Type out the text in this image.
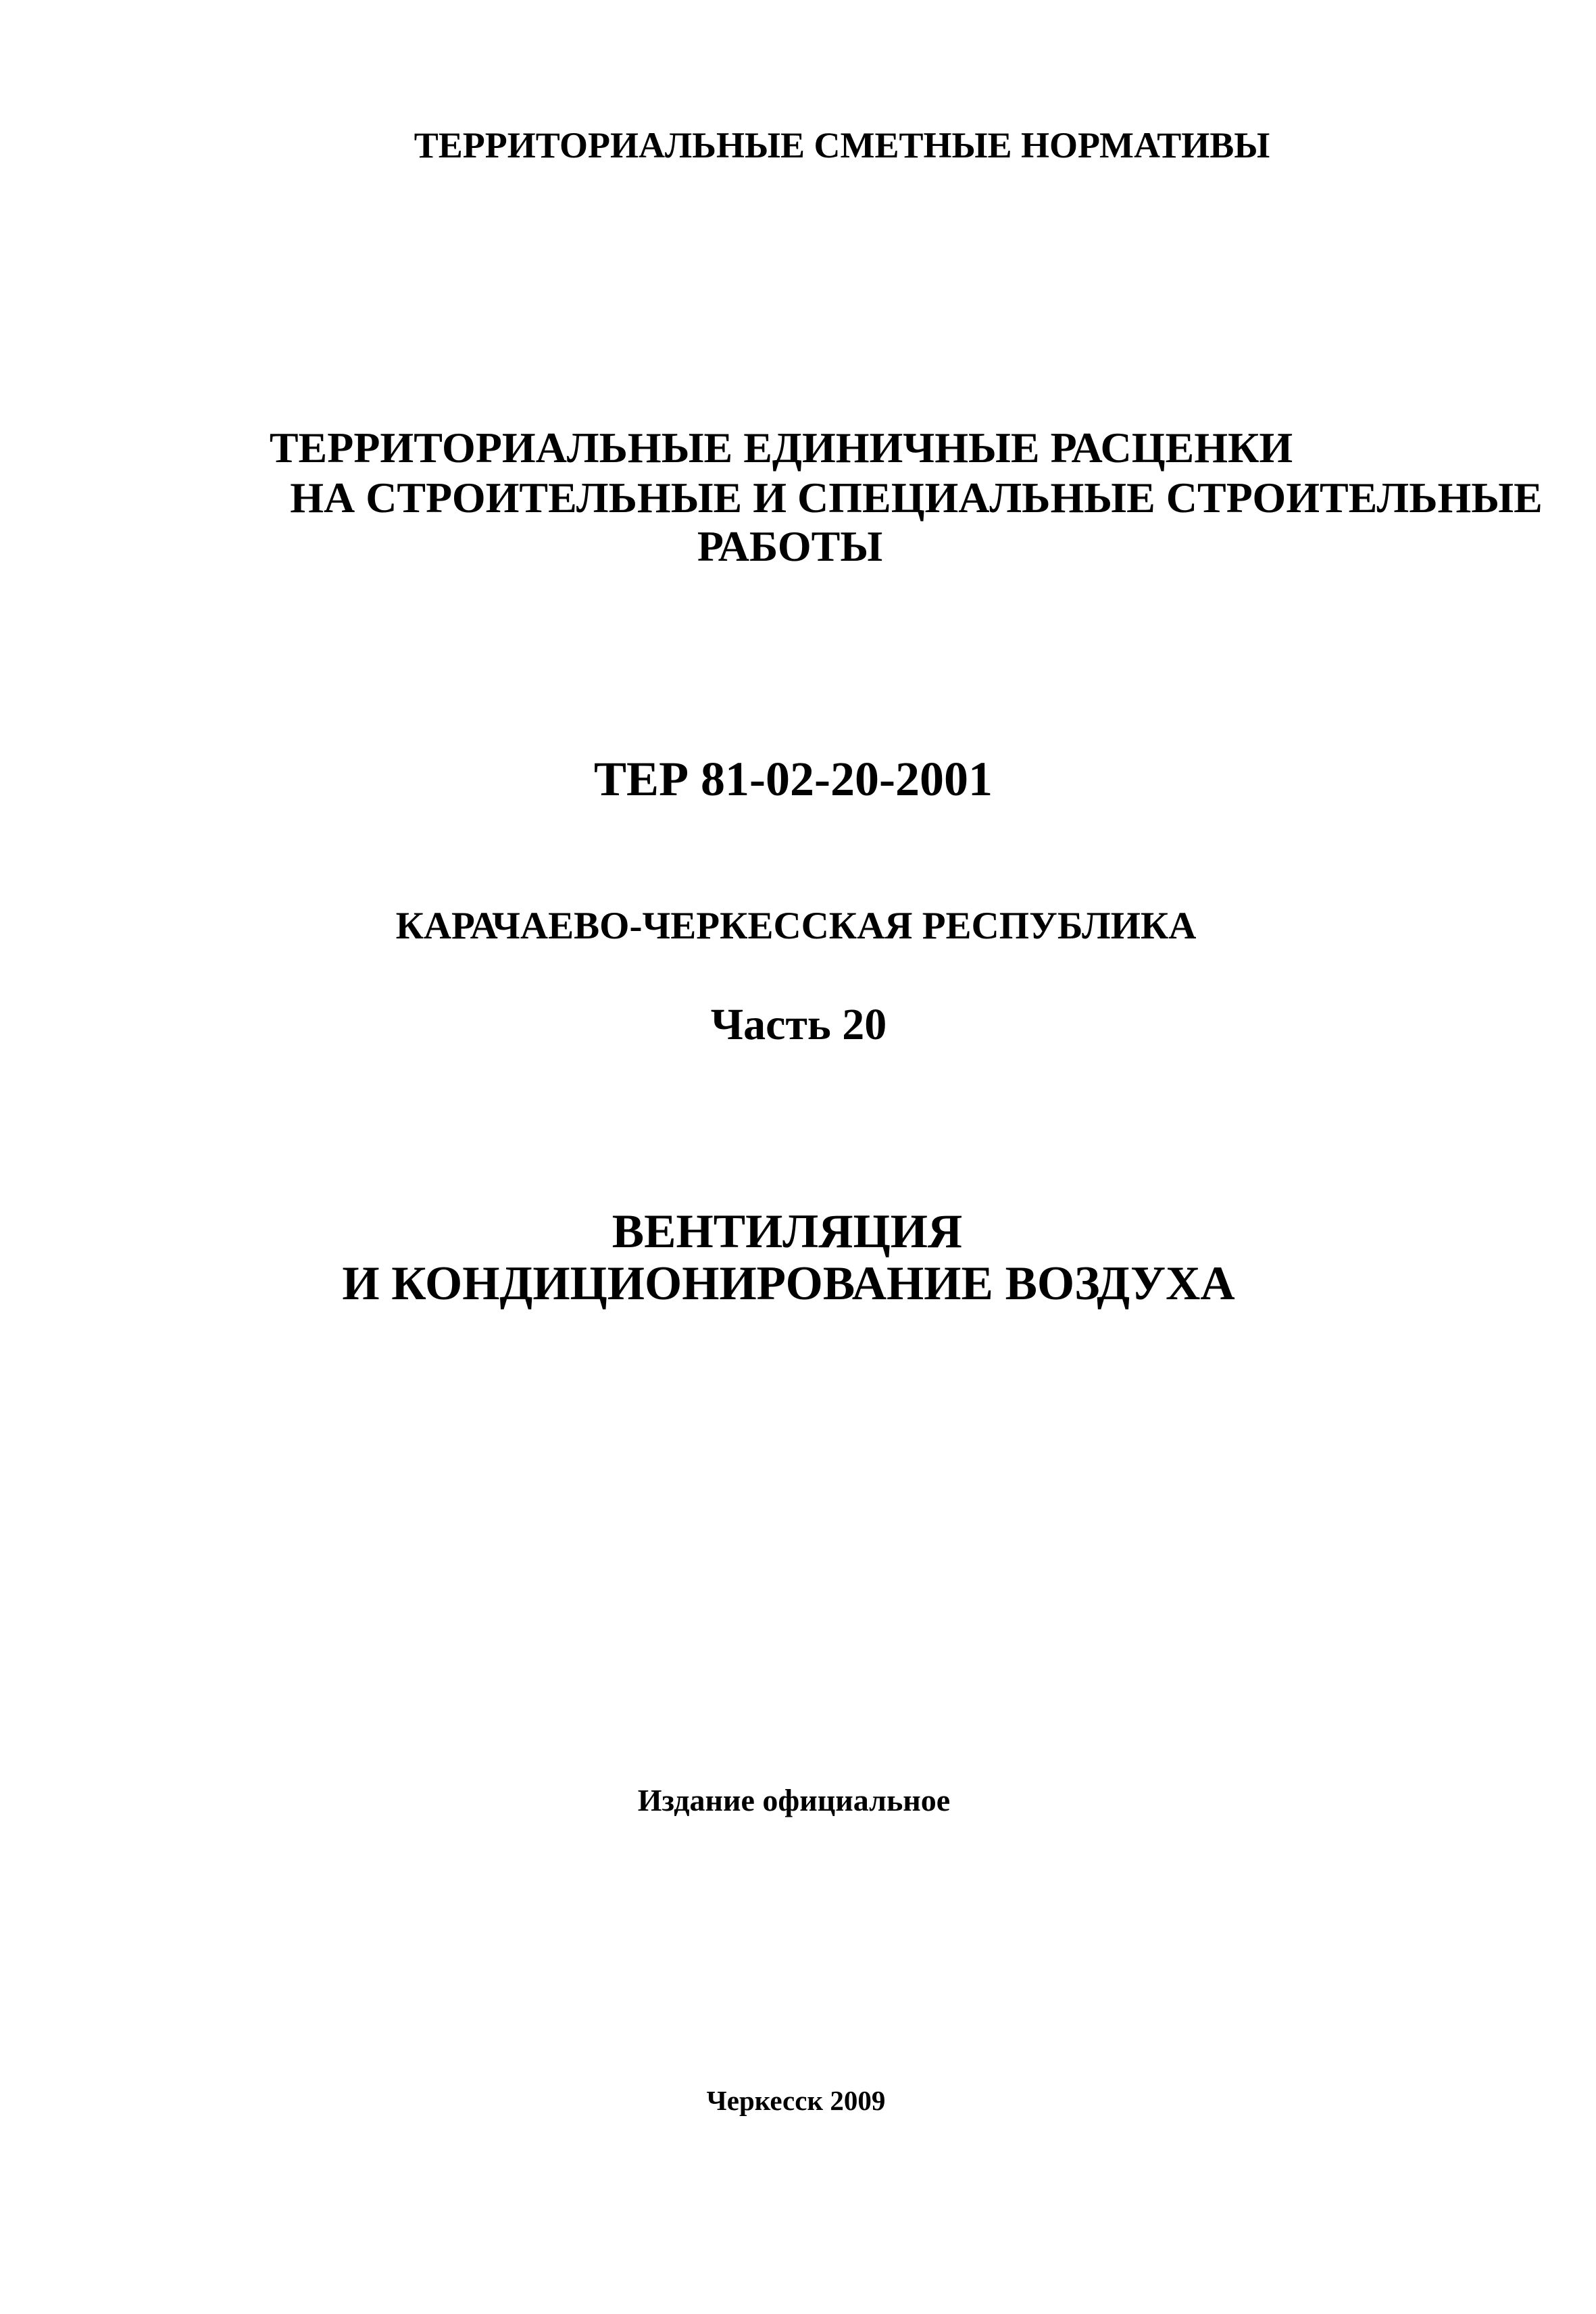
ТЕРРИТОРИАЛЬНЫЕ СМЕТНЫЕ НОРМАТИВЫ
ТЕРРИТОРИАЛЬНЫЕ ЕДИНИЧНЫЕ РАСЦЕНКИ
НА СТРОИТЕЛЬНЫЕ И СПЕЦИАЛЬНЫЕ СТРОИТЕЛЬНЫЕ
РАБОТЫ
ТЕР 81-02-20-2001
КАРАЧАЕВО-ЧЕРКЕССКАЯ РЕСПУБЛИКА
Часть 20
ВЕНТИЛЯЦИЯ
И КОНДИЦИОНИРОВАНИЕ ВОЗДУХА
Издание официальное
Черкесск 2009
